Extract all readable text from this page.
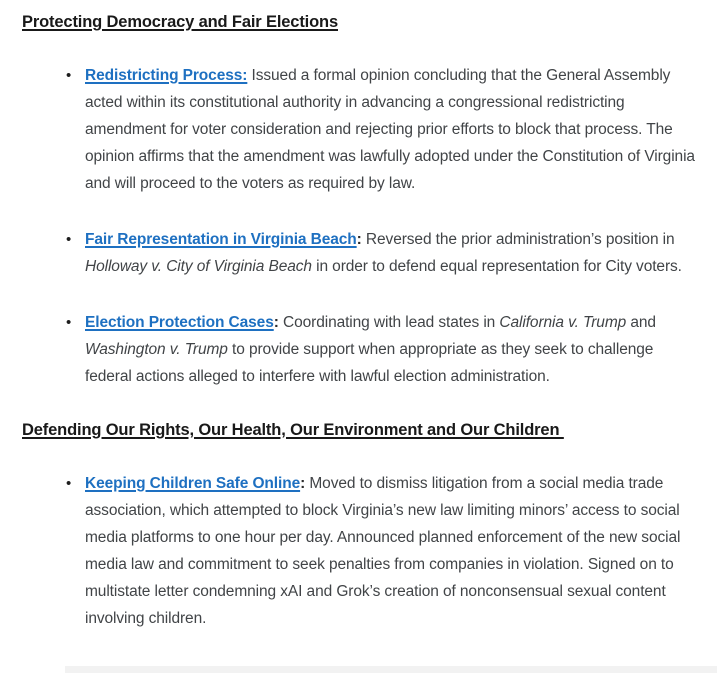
Protecting Democracy and Fair Elections

• Redistricting Process: Issued a formal opinion concluding that the General Assembly acted within its constitutional authority in advancing a congressional redistricting amendment for voter consideration and rejecting prior efforts to block that process. The opinion affirms that the amendment was lawfully adopted under the Constitution of Virginia and will proceed to the voters as required by law.

• Fair Representation in Virginia Beach: Reversed the prior administration’s position in Holloway v. City of Virginia Beach in order to defend equal representation for City voters.

• Election Protection Cases: Coordinating with lead states in California v. Trump and Washington v. Trump to provide support when appropriate as they seek to challenge federal actions alleged to interfere with lawful election administration.

Defending Our Rights, Our Health, Our Environment and Our Children

• Keeping Children Safe Online: Moved to dismiss litigation from a social media trade association, which attempted to block Virginia’s new law limiting minors’ access to social media platforms to one hour per day. Announced planned enforcement of the new social media law and commitment to seek penalties from companies in violation. Signed on to multistate letter condemning xAI and Grok’s creation of nonconsensual sexual content involving children.
